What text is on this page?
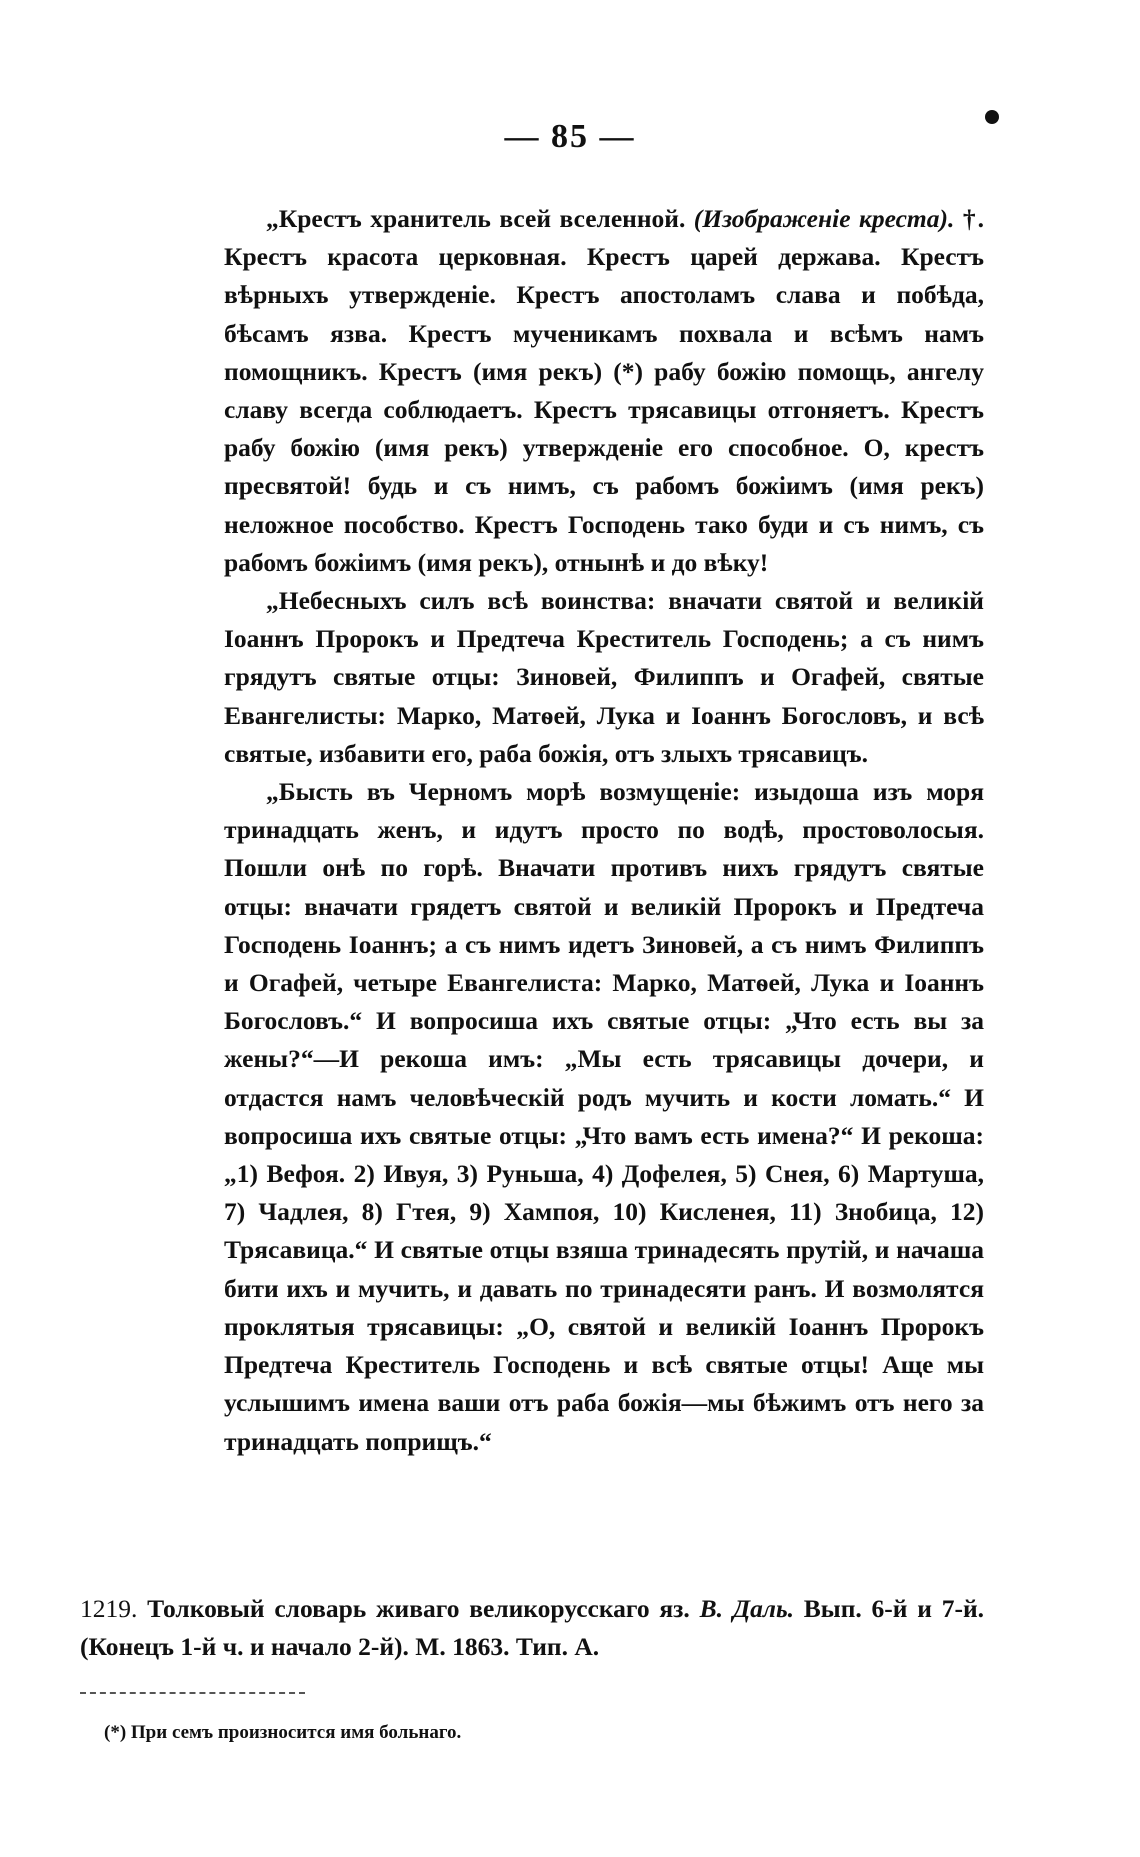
— 85 —

„Крестъ хранитель всей вселенной. (Изображеніе креста). †. Крестъ красота церковная. Крестъ царей держава. Крестъ вѣрныхъ утвержденіе. Крестъ апостоламъ слава и побѣда, бѣсамъ язва. Крестъ мученикамъ похвала и всѣмъ намъ помощникъ. Крестъ (имя рекъ) (*) рабу божію помощь, ангелу славу всегда соблюдаетъ. Крестъ трясавицы отгоняетъ. Крестъ рабу божію (имя рекъ) утвержденіе его способное. О, крестъ пресвятой! будь и съ нимъ, съ рабомъ божіимъ (имя рекъ) неложное пособство. Крестъ Господень тако буди и съ нимъ, съ рабомъ божіимъ (имя рекъ), отнынѣ и до вѣку!

„Небесныхъ силъ всѣ воинства: вначати святой и великій Іоаннъ Пророкъ и Предтеча Креститель Господень; а съ нимъ грядутъ святые отцы: Зиновей, Филиппъ и Огафей, святые Евангелисты: Марко, Матѳей, Лука и Іоаннъ Богословъ, и всѣ святые, избавити его, раба божія, отъ злыхъ трясавицъ.

„Бысть въ Черномъ морѣ возмущеніе: изыдоша изъ моря тринадцать женъ, и идутъ просто по водѣ, простоволосыя. Пошли онѣ по горѣ. Вначати противъ нихъ грядутъ святые отцы: вначати грядетъ святой и великій Пророкъ и Предтеча Господень Іоаннъ; а съ нимъ идетъ Зиновей, а съ нимъ Филиппъ и Огафей, четыре Евангелиста: Марко, Матѳей, Лука и Іоаннъ Богословъ.“ И вопросиша ихъ святые отцы: „Что есть вы за жены?“—И рекоша имъ: „Мы есть трясавицы дочери, и отдастся намъ человѣческій родъ мучить и кости ломать.“ И вопросиша ихъ святые отцы: „Что вамъ есть имена?“ И рекоша: „1) Вефоя. 2) Ивуя, 3) Руньша, 4) Дофелея, 5) Снея, 6) Мартуша, 7) Чадлея, 8) Гтея, 9) Хампоя, 10) Кисленея, 11) Знобица, 12) Трясавица.“ И святые отцы взяша тринадесять прутій, и начаша бити ихъ и мучить, и давать по тринадесяти ранъ. И возмолятся проклятыя трясавицы: „О, святой и великій Іоаннъ Пророкъ Предтеча Креститель Господень и всѣ святые отцы! Аще мы услышимъ имена ваши отъ раба божія—мы бѣжимъ отъ него за тринадцать поприщъ.“

1219. Толковый словарь живаго великорусскаго яз. В. Даль. Вып. 6-й и 7-й. (Конецъ 1-й ч. и начало 2-й). М. 1863. Тип. А.
(*) При семъ произносится имя больнаго.
